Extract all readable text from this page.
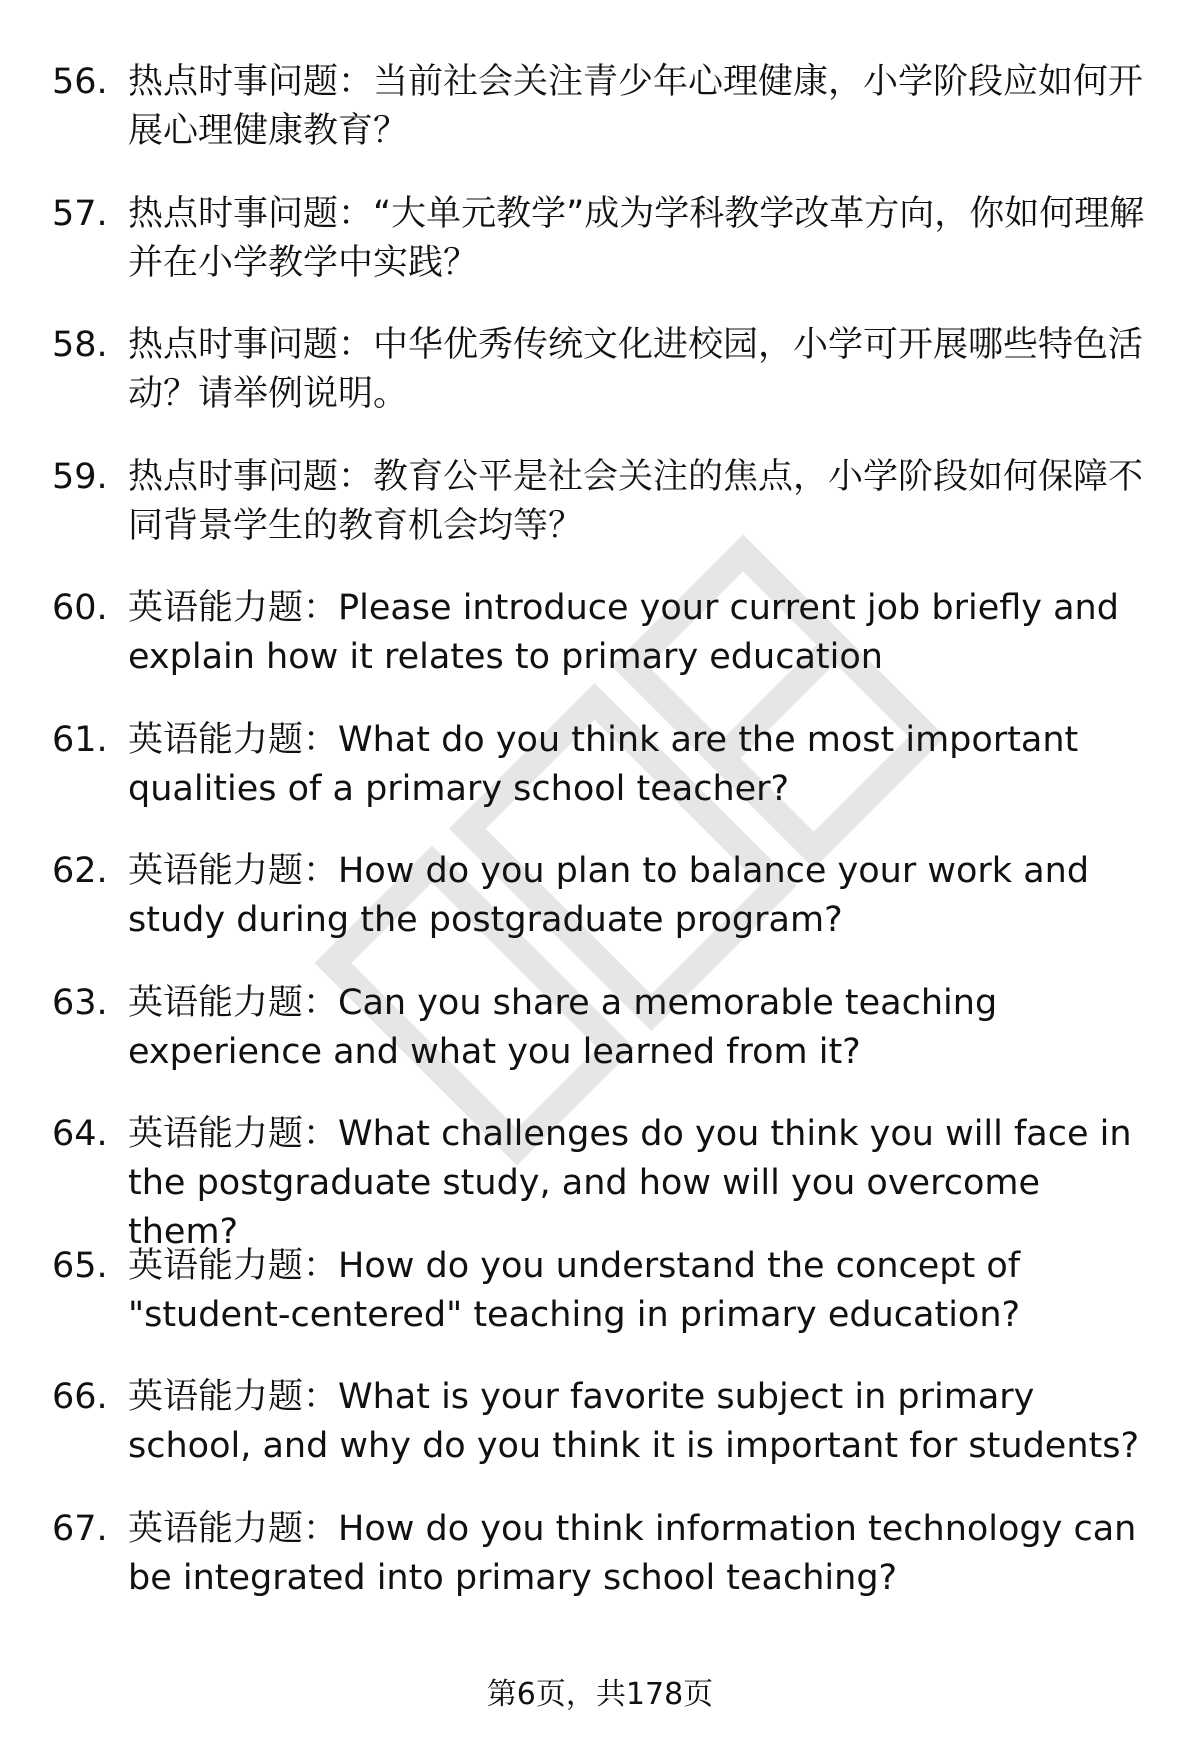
56. 热点时事问题：当前社会关注青少年心理健康，小学阶段应如何开展心理健康教育？
57. 热点时事问题：“大单元教学”成为学科教学改革方向，你如何理解并在小学教学中实践？
58. 热点时事问题：中华优秀传统文化进校园，小学可开展哪些特色活动？请举例说明。
59. 热点时事问题：教育公平是社会关注的焦点，小学阶段如何保障不同背景学生的教育机会均等？
60. 英语能力题：Please introduce your current job briefly and explain how it relates to primary education
61. 英语能力题：What do you think are the most important qualities of a primary school teacher?
62. 英语能力题：How do you plan to balance your work and study during the postgraduate program?
63. 英语能力题：Can you share a memorable teaching experience and what you learned from it?
64. 英语能力题：What challenges do you think you will face in the postgraduate study, and how will you overcome them?
65. 英语能力题：How do you understand the concept of "student-centered" teaching in primary education?
66. 英语能力题：What is your favorite subject in primary school, and why do you think it is important for students?
67. 英语能力题：How do you think information technology can be integrated into primary school teaching?
第6页，共178页
